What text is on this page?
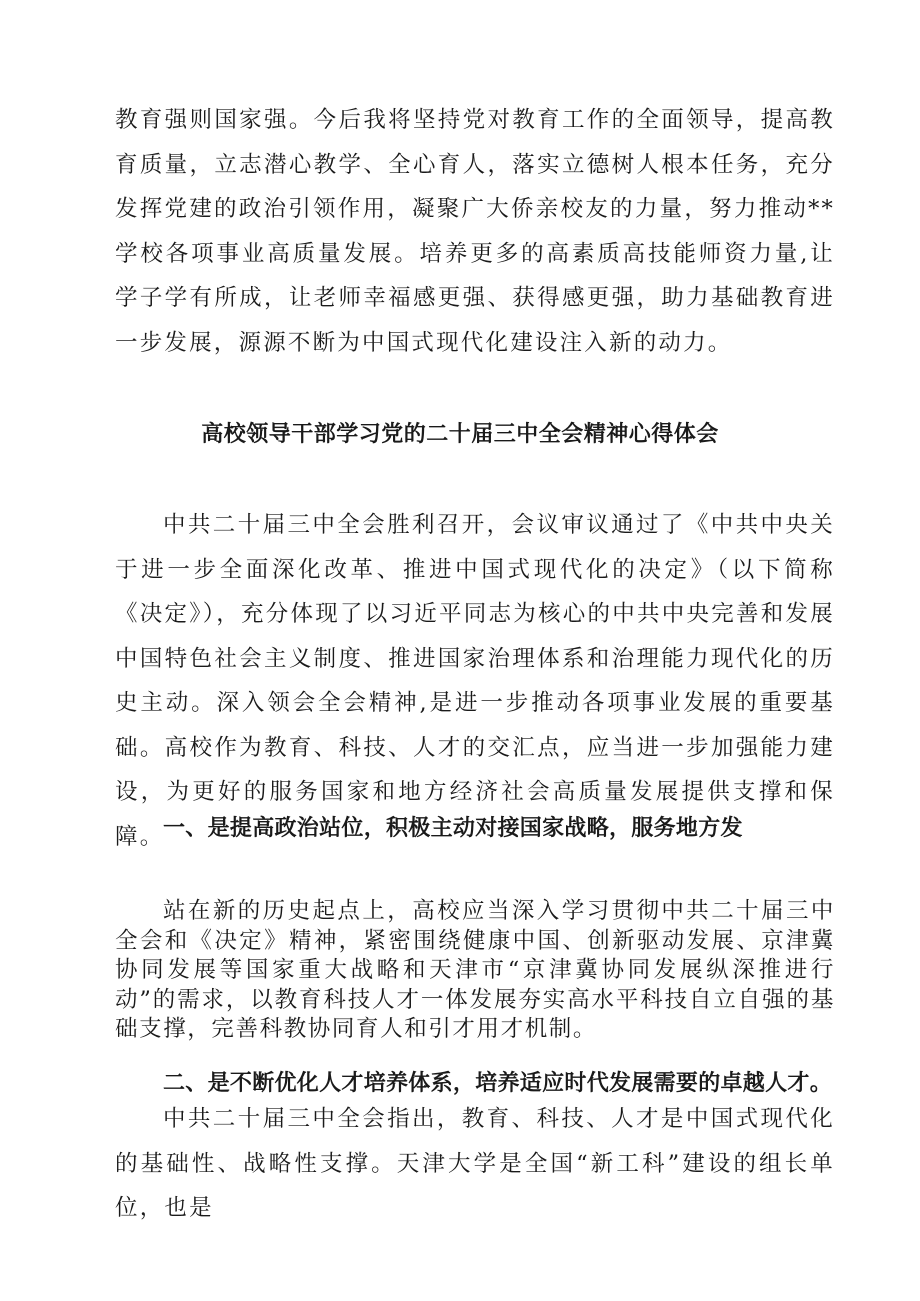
教育强则国家强。今后我将坚持党对教育工作的全面领导，提高教育质量，立志潜心教学、全心育人，落实立德树人根本任务，充分发挥党建的政治引领作用，凝聚广大侨亲校友的力量，努力推动**学校各项事业高质量发展。培养更多的高素质高技能师资力量,让学子学有所成，让老师幸福感更强、获得感更强，助力基础教育进一步发展，源源不断为中国式现代化建设注入新的动力。

高校领导干部学习党的二十届三中全会精神心得体会

中共二十届三中全会胜利召开，会议审议通过了《中共中央关于进一步全面深化改革、推进中国式现代化的决定》（以下简称《决定》），充分体现了以习近平同志为核心的中共中央完善和发展中国特色社会主义制度、推进国家治理体系和治理能力现代化的历史主动。深入领会全会精神,是进一步推动各项事业发展的重要基础。高校作为教育、科技、人才的交汇点，应当进一步加强能力建设，为更好的服务国家和地方经济社会高质量发展提供支撑和保障。

一、是提高政治站位，积极主动对接国家战略，服务地方发

站在新的历史起点上，高校应当深入学习贯彻中共二十届三中全会和《决定》精神，紧密围绕健康中国、创新驱动发展、京津冀协同发展等国家重大战略和天津市“京津冀协同发展纵深推进行动”的需求，以教育科技人才一体发展夯实高水平科技自立自强的基础支撑，完善科教协同育人和引才用才机制。

二、是不断优化人才培养体系，培养适应时代发展需要的卓越人才。

中共二十届三中全会指出，教育、科技、人才是中国式现代化的基础性、战略性支撑。天津大学是全国“新工科”建设的组长单位，也是
